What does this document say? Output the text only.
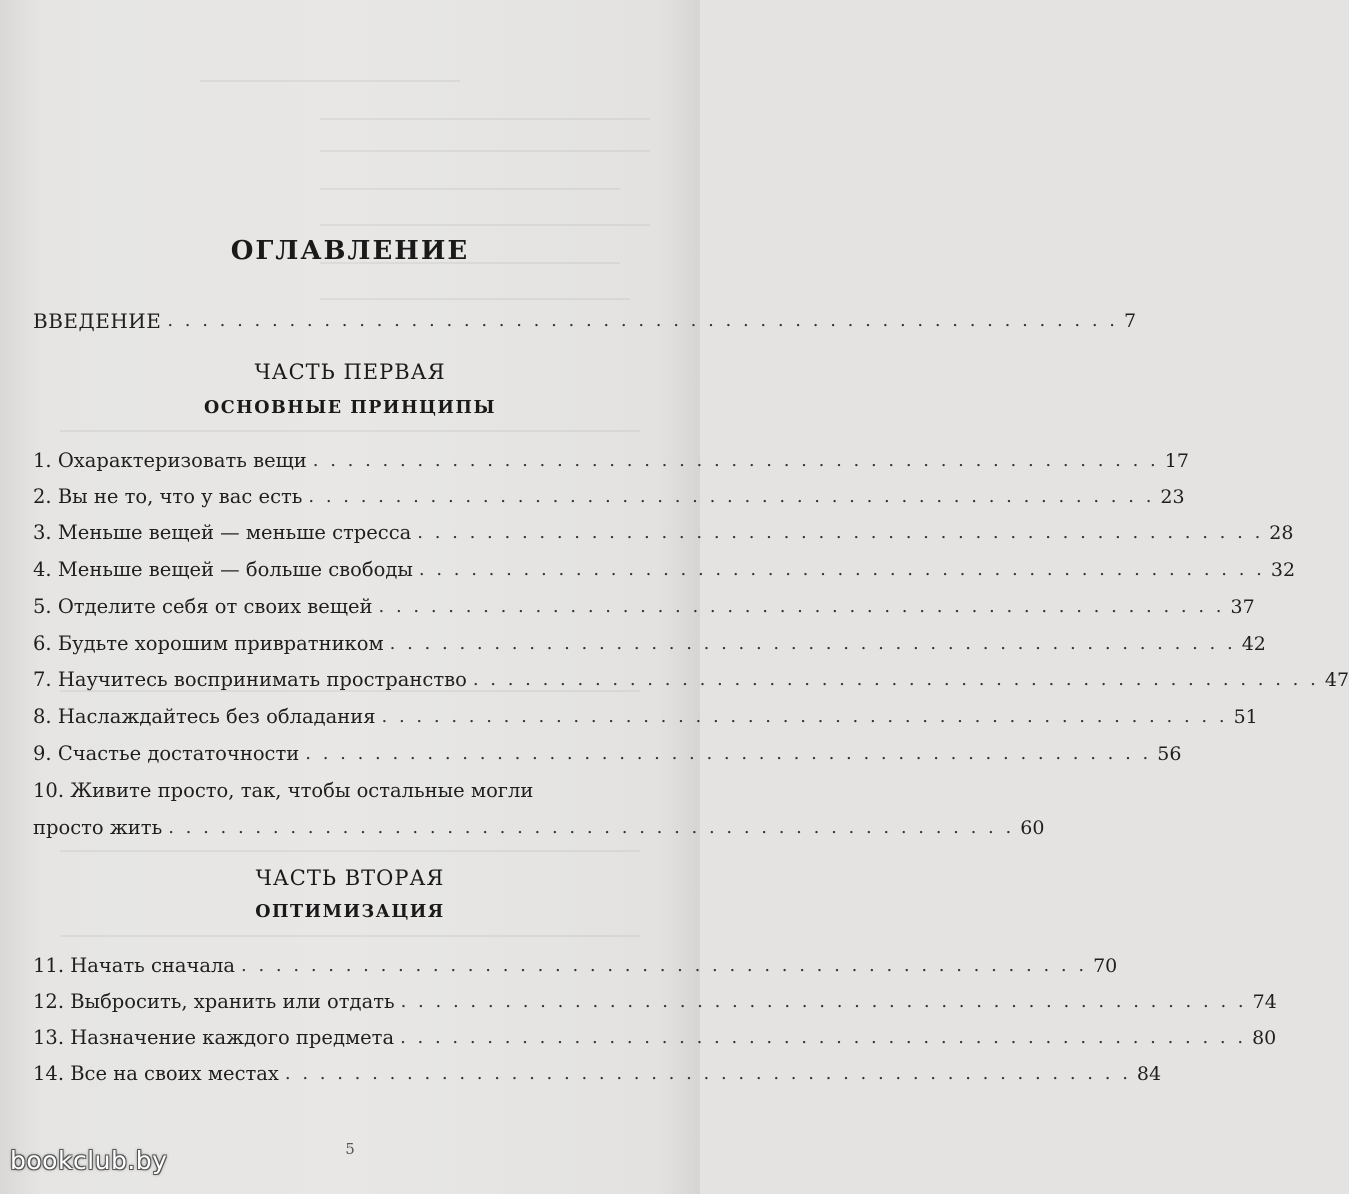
ОГЛАВЛЕНИЕ
ВВЕДЕНИЕ . . . . . . . . . . . . . . . . . . . . . . . . . . . . . . . . . . . . . . . . . . . . . . . . . . . . . . . 7
ЧАСТЬ ПЕРВАЯ
ОСНОВНЫЕ ПРИНЦИПЫ
1. Охарактеризовать вещи . . . . . . . . . . . . . . . . . . . . . . . . . . . . . . . . . . . . . . . . . . . . . . . . . 17
2. Вы не то, что у вас есть . . . . . . . . . . . . . . . . . . . . . . . . . . . . . . . . . . . . . . . . . . . . . . . . . 23
3. Меньше вещей — меньше стресса . . . . . . . . . . . . . . . . . . . . . . . . . . . . . . . . . . . . . . . . . . . . . . . . . 28
4. Меньше вещей — больше свободы . . . . . . . . . . . . . . . . . . . . . . . . . . . . . . . . . . . . . . . . . . . . . . . . . 32
5. Отделите себя от своих вещей . . . . . . . . . . . . . . . . . . . . . . . . . . . . . . . . . . . . . . . . . . . . . . . . . 37
6. Будьте хорошим привратником . . . . . . . . . . . . . . . . . . . . . . . . . . . . . . . . . . . . . . . . . . . . . . . . . 42
7. Научитесь воспринимать пространство . . . . . . . . . . . . . . . . . . . . . . . . . . . . . . . . . . . . . . . . . . . . . . . . . 47
8. Наслаждайтесь без обладания . . . . . . . . . . . . . . . . . . . . . . . . . . . . . . . . . . . . . . . . . . . . . . . . . 51
9. Счастье достаточности . . . . . . . . . . . . . . . . . . . . . . . . . . . . . . . . . . . . . . . . . . . . . . . . . 56
10. Живите просто, так, чтобы остальные могли
просто жить . . . . . . . . . . . . . . . . . . . . . . . . . . . . . . . . . . . . . . . . . . . . . . . . . 60
ЧАСТЬ ВТОРАЯ
ОПТИМИЗАЦИЯ
11. Начать сначала . . . . . . . . . . . . . . . . . . . . . . . . . . . . . . . . . . . . . . . . . . . . . . . . . 70
12. Выбросить, хранить или отдать . . . . . . . . . . . . . . . . . . . . . . . . . . . . . . . . . . . . . . . . . . . . . . . . . 74
13. Назначение каждого предмета . . . . . . . . . . . . . . . . . . . . . . . . . . . . . . . . . . . . . . . . . . . . . . . . . 80
14. Все на своих местах . . . . . . . . . . . . . . . . . . . . . . . . . . . . . . . . . . . . . . . . . . . . . . . . . 84
5
bookclub.by
